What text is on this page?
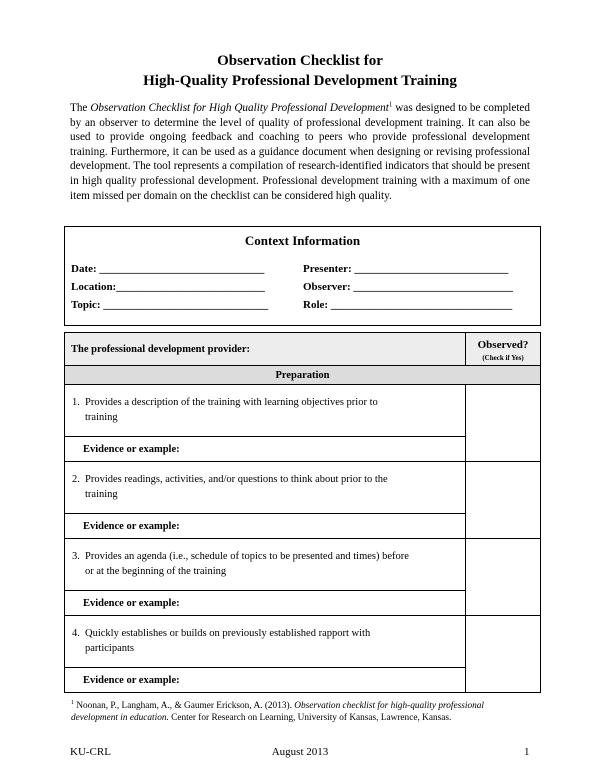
Observation Checklist for
High-Quality Professional Development Training

The Observation Checklist for High Quality Professional Development$^1$ was designed to be completed by an observer to determine the level of quality of professional development training. It can also be used to provide ongoing feedback and coaching to peers who provide professional development training. Furthermore, it can be used as a guidance document when designing or revising professional development. The tool represents a compilation of research-identified indicators that should be present in high quality professional development. Professional development training with a maximum of one item missed per domain on the checklist can be considered high quality.

Context Information
Date: ______________________________
Location:___________________________
Topic: ______________________________
Presenter: ____________________________
Observer: _____________________________
Role: _________________________________
The professional development provider:	Observed?
(Check if Yes)

Preparation	

1. Provides a description of the training with learning objectives prior to
training	

Evidence or example:	

2. Provides readings, activities, and/or questions to think about prior to the
training	

Evidence or example:	

3. Provides an agenda (i.e., schedule of topics to be presented and times) before
or at the beginning of the training	

Evidence or example:	

4. Quickly establishes or builds on previously established rapport with
participants	

Evidence or example:	

$^1$ Noonan, P., Langham, A., & Gaumer Erickson, A. (2013). Observation checklist for high-quality professional development in education. Center for Research on Learning, University of Kansas, Lawrence, Kansas.

KU-CRL	August 2013	1
